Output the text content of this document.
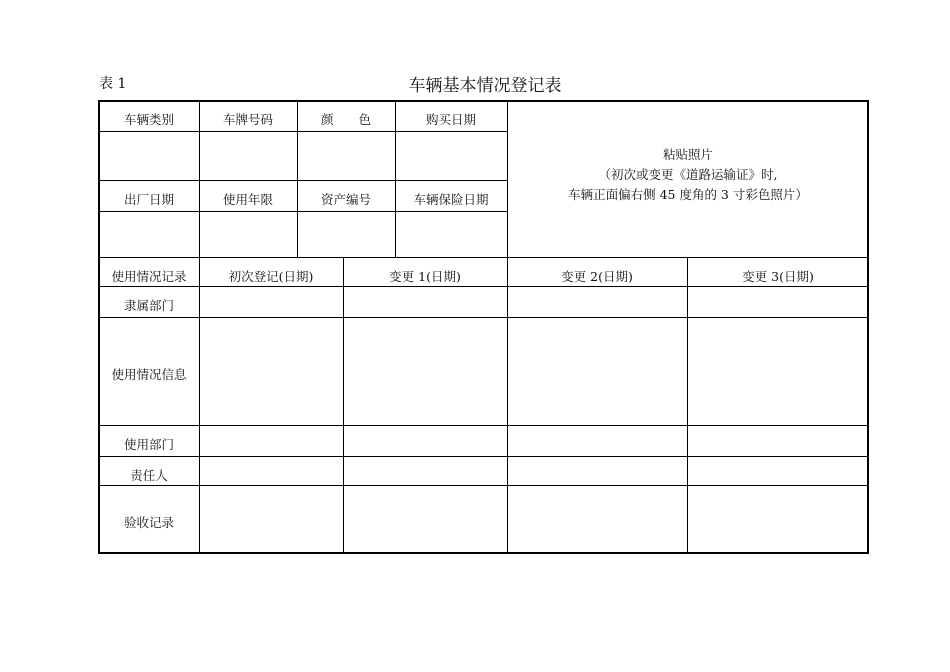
表 1	车辆基本情况登记表
车辆类别	车牌号码	颜　　色	购买日期
出厂日期	使用年限	资产编号	车辆保险日期
粘贴照片
（初次或变更《道路运输证》时,
车辆正面偏右侧 45 度角的 3 寸彩色照片）
使用情况记录	初次登记(日期)	变更 1(日期)	变更 2(日期)	变更 3(日期)
隶属部门
使用情况信息
使用部门
责任人
验收记录
